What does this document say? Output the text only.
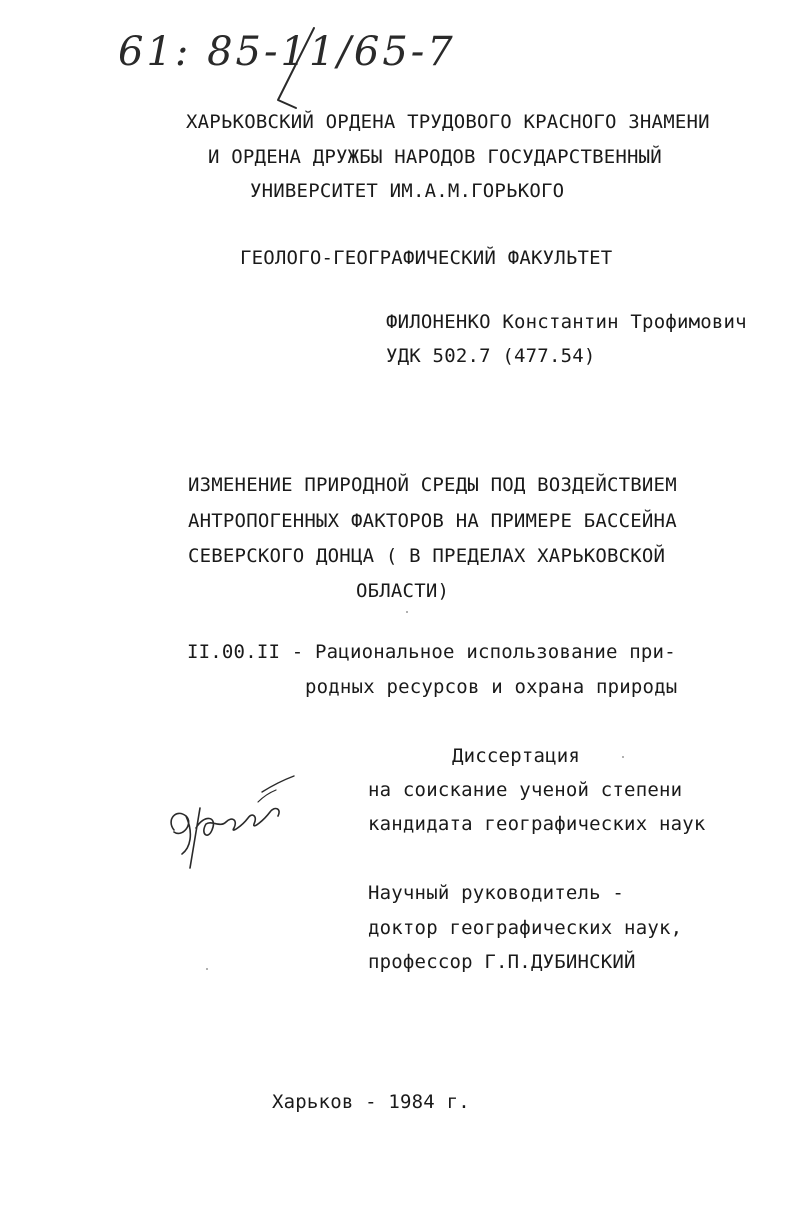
61: 85-11/65-7
ХАРЬКОВСКИЙ ОРДЕНА ТРУДОВОГО КРАСНОГО ЗНАМЕНИ
И ОРДЕНА ДРУЖБЫ НАРОДОВ ГОСУДАРСТВЕННЫЙ
УНИВЕРСИТЕТ ИМ.А.М.ГОРЬКОГО
ГЕОЛОГО-ГЕОГРАФИЧЕСКИЙ ФАКУЛЬТЕТ
ФИЛОНЕНКО Константин Трофимович
УДК 502.7 (477.54)
ИЗМЕНЕНИЕ ПРИРОДНОЙ СРЕДЫ ПОД ВОЗДЕЙСТВИЕМ
АНТРОПОГЕННЫХ ФАКТОРОВ НА ПРИМЕРЕ БАССЕЙНА
СЕВЕРСКОГО ДОНЦА ( В ПРЕДЕЛАХ ХАРЬКОВСКОЙ
ОБЛАСТИ)
II.00.II - Рациональное использование при-
родных ресурсов и охрана природы
Диссертация
на соискание ученой степени
кандидата географических наук
Научный руководитель -
доктор географических наук,
профессор Г.П.ДУБИНСКИЙ
Харьков - 1984 г.
